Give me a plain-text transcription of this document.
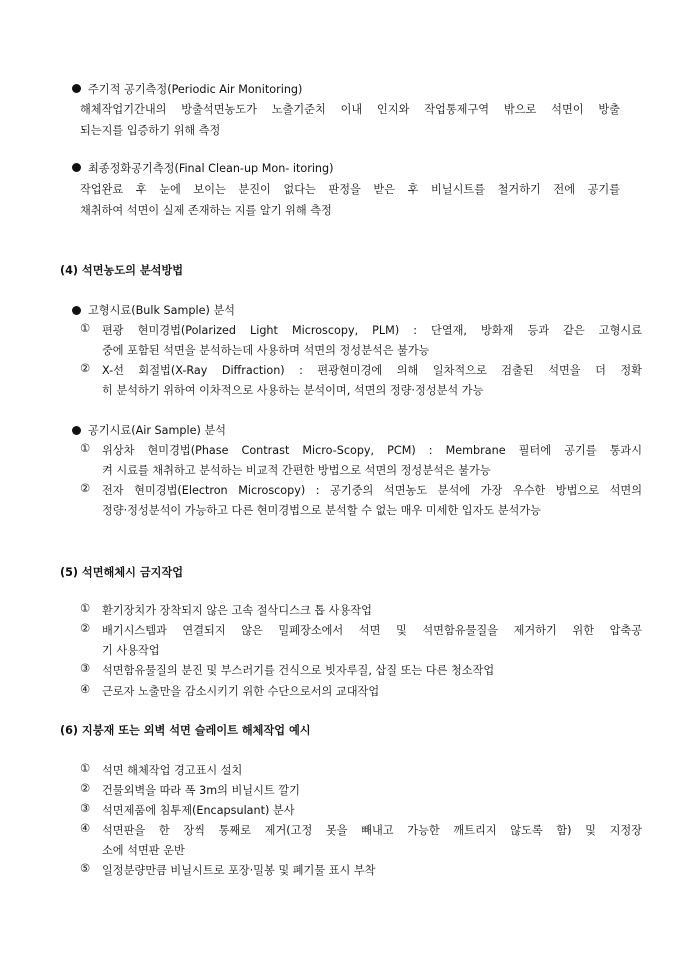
주기적 공기측정(Periodic Air Monitoring)
해체작업기간내의 방출석면농도가 노출기준치 이내 인지와 작업통제구역 밖으로 석면이 방출
되는지를 입증하기 위해 측정
최종정화공기측정(Final Clean-up Mon- itoring)
작업완료 후 눈에 보이는 분진이 없다는 판정을 받은 후 비닐시트를 철거하기 전에 공기를
채취하여 석면이 실제 존재하는 지를 알기 위해 측정
(4) 석면농도의 분석방법
고형시료(Bulk Sample) 분석
① 편광 현미경법(Polarized Light Microscopy, PLM) : 단열재, 방화재 등과 같은 고형시료
중에 포함된 석면을 분석하는데 사용하며 석면의 정성분석은 불가능
② X-선 회절법(X-Ray Diffraction) : 편광현미경에 의해 일차적으로 검출된 석면을 더 정확
히 분석하기 위하여 이차적으로 사용하는 분석이며, 석면의 정량·정성분석 가능
공기시료(Air Sample) 분석
① 위상차 현미경법(Phase Contrast Micro-Scopy, PCM) : Membrane 필터에 공기를 통과시
켜 시료를 채취하고 분석하는 비교적 간편한 방법으로 석면의 정성분석은 불가능
② 전자 현미경법(Electron Microscopy) : 공기중의 석면농도 분석에 가장 우수한 방법으로 석면의
정량·정성분석이 가능하고 다른 현미경법으로 분석할 수 없는 매우 미세한 입자도 분석가능
(5) 석면해체시 금지작업
① 환기장치가 장착되지 않은 고속 절삭디스크 톱 사용작업
② 배기시스템과 연결되지 않은 밀폐장소에서 석면 및 석면함유물질을 제거하기 위한 압축공
기 사용작업
③ 석면함유물질의 분진 및 부스러기를 건식으로 빗자루질, 삽질 또는 다른 청소작업
④ 근로자 노출만을 감소시키기 위한 수단으로서의 교대작업
(6) 지붕재 또는 외벽 석면 슬레이트 해체작업 예시
① 석면 해체작업 경고표시 설치
② 건물외벽을 따라 폭 3m의 비닐시트 깔기
③ 석면제품에 침투제(Encapsulant) 분사
④ 석면판을 한 장씩 통째로 제거(고정 못을 빼내고 가능한 깨트리지 않도록 함) 및 지정장
소에 석면판 운반
⑤ 일정분량만큼 비닐시트로 포장·밀봉 및 폐기물 표시 부착
